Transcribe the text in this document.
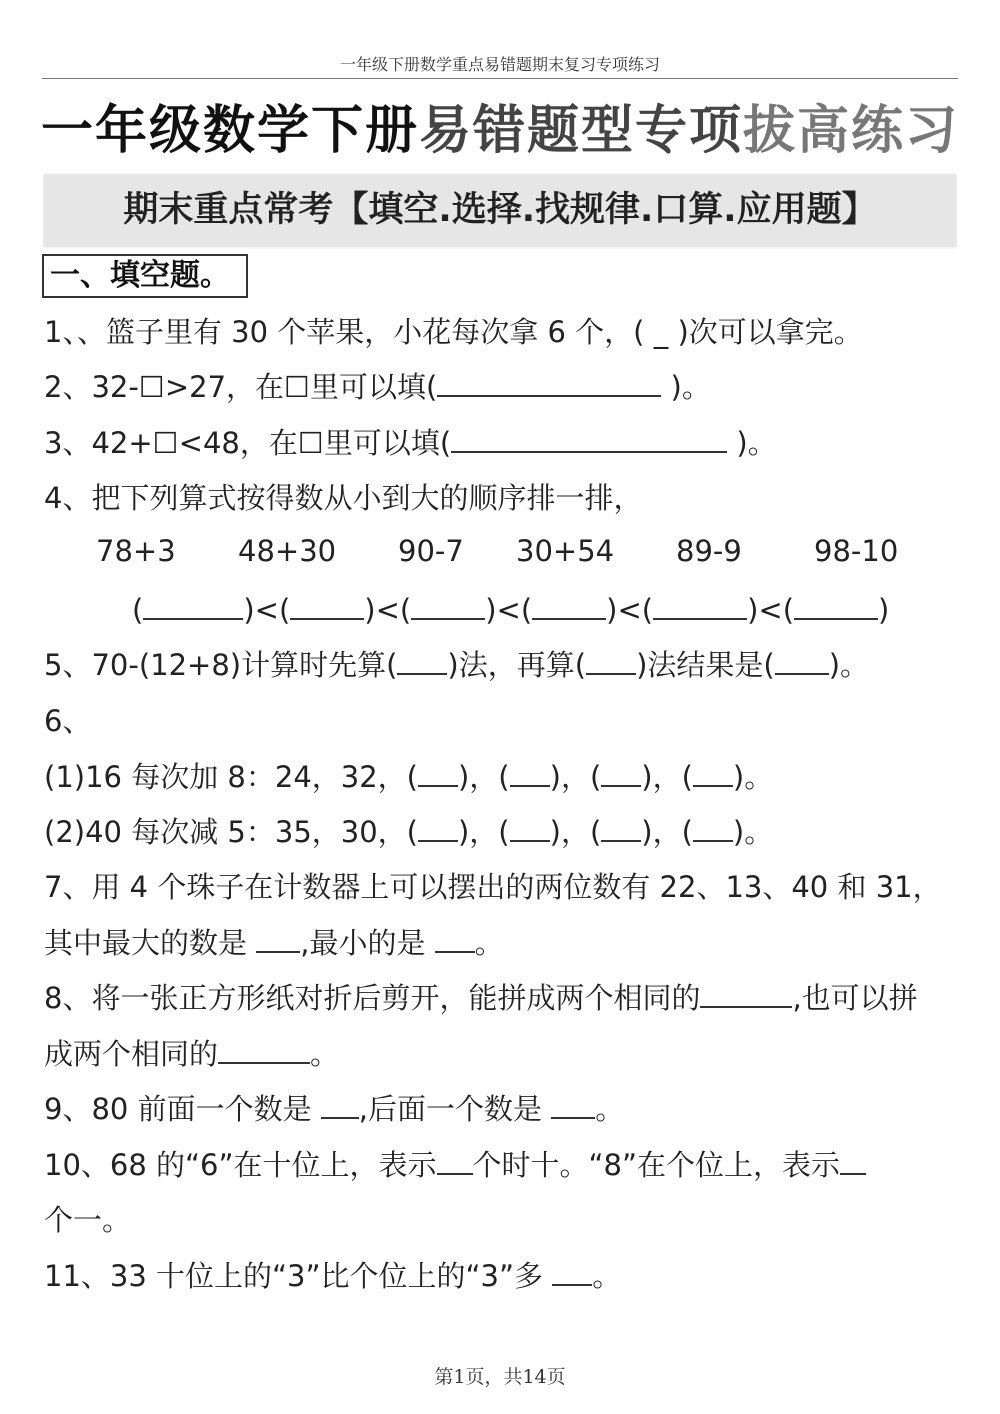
一年级下册数学重点易错题期末复习专项练习
一年级数学下册易错题型专项拔高练习
期末重点常考【填空.选择.找规律.口算.应用题】
一、填空题。
1、、篮子里有 30 个苹果，小花每次拿 6 个，( _ )次可以拿完。
2、32-☐>27，在☐里可以填(	)。
3、42+☐<48，在☐里可以填(	)。
4、把下列算式按得数从小到大的顺序排一排，
78+3 48+30 90-7 30+54 89-9 98-10
(	)<(	)<(	)<(	)<(	)<(	)
5、70-(12+8)计算时先算( )法，再算( )法结果是( )。
6、
(1)16 每次加 8：24，32，( )，( )，( )，( )。
(2)40 每次减 5：35，30，( )，( )，( )，( )。
7、用 4 个珠子在计数器上可以摆出的两位数有 22、13、40 和 31，
其中最大的数是 ,最小的是 。
8、将一张正方形纸对折后剪开，能拼成两个相同的	,也可以拼
成两个相同的	。
9、80 前面一个数是 ,后面一个数是 。
10、68 的“6”在十位上，表示 个时十。“8”在个位上，表示
个一。
11、33 十位上的“3”比个位上的“3”多 。
第1页，共14页
